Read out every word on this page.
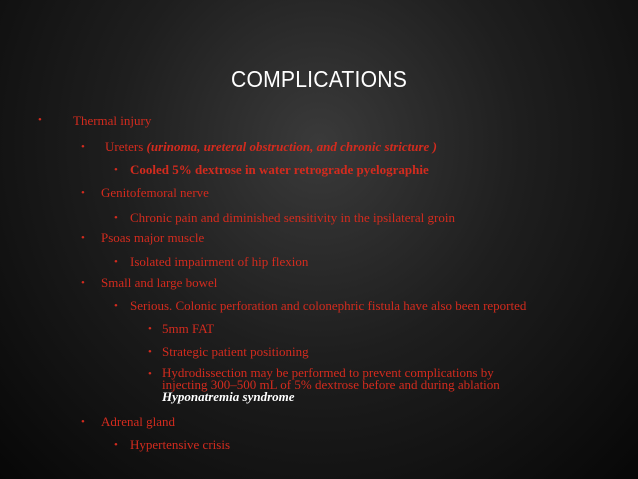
COMPLICATIONS
• Thermal injury
• Ureters (urinoma, ureteral obstruction, and chronic stricture )
• Cooled 5% dextrose in water retrograde pyelographie
• Genitofemoral nerve
• Chronic pain and diminished sensitivity in the ipsilateral groin
• Psoas major muscle
• Isolated impairment of hip flexion
• Small and large bowel
• Serious. Colonic perforation and colonephric fistula have also been reported
• 5mm FAT
• Strategic patient positioning
• Hydrodissection may be performed to prevent complications by
injecting 300–500 mL of 5% dextrose before and during ablation
Hyponatremia syndrome
• Adrenal gland
• Hypertensive crisis
